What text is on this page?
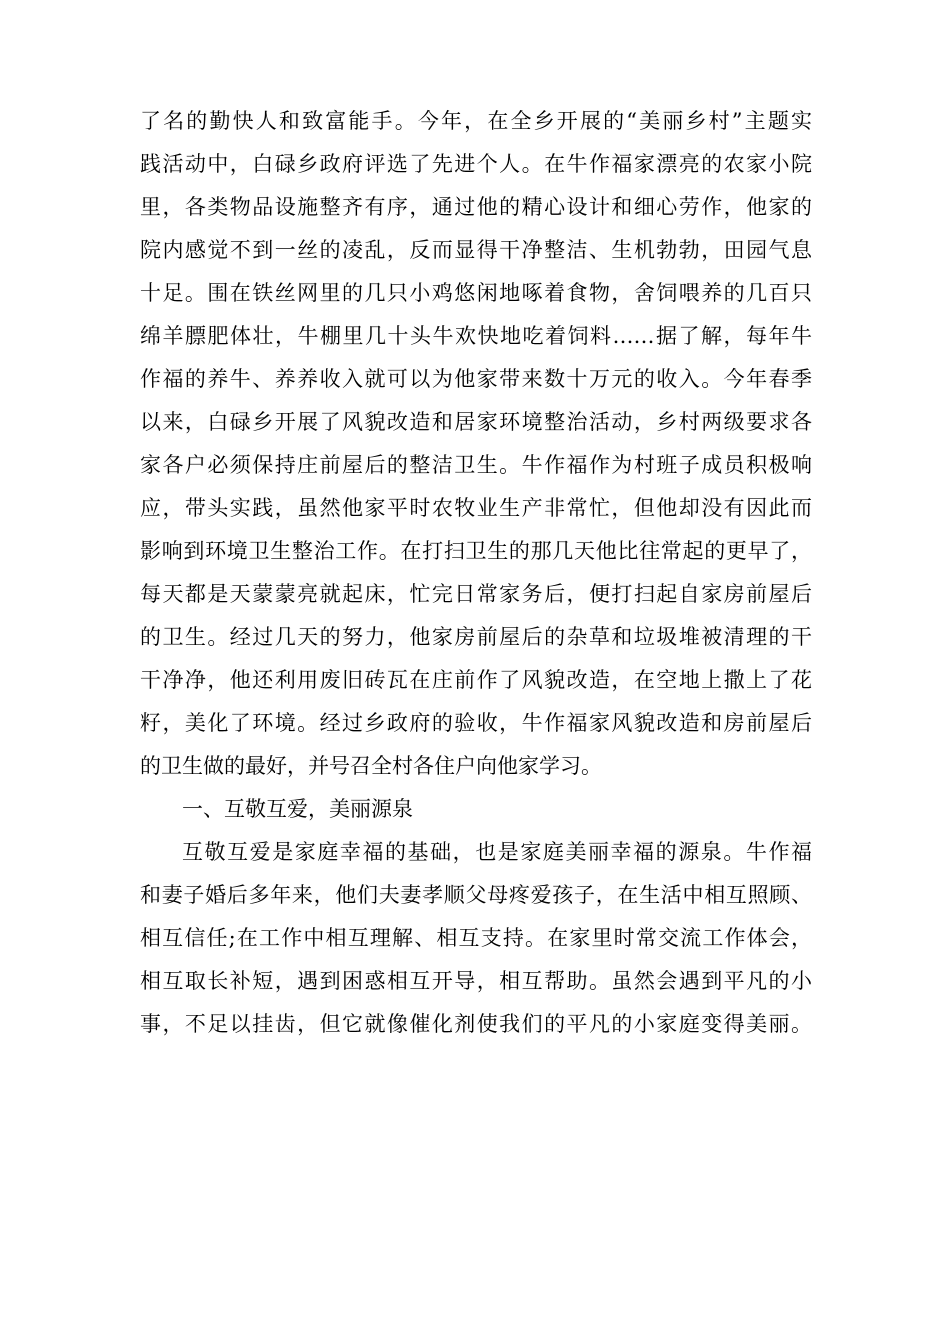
了名的勤快人和致富能手。今年，在全乡开展的“美丽乡村”主题实
践活动中，白碌乡政府评选了先进个人。在牛作福家漂亮的农家小院
里，各类物品设施整齐有序，通过他的精心设计和细心劳作，他家的
院内感觉不到一丝的凌乱，反而显得干净整洁、生机勃勃，田园气息
十足。围在铁丝网里的几只小鸡悠闲地啄着食物，舍饲喂养的几百只
绵羊膘肥体壮，牛棚里几十头牛欢快地吃着饲料……据了解，每年牛
作福的养牛、养养收入就可以为他家带来数十万元的收入。今年春季
以来，白碌乡开展了风貌改造和居家环境整治活动，乡村两级要求各
家各户必须保持庄前屋后的整洁卫生。牛作福作为村班子成员积极响
应，带头实践，虽然他家平时农牧业生产非常忙，但他却没有因此而
影响到环境卫生整治工作。在打扫卫生的那几天他比往常起的更早了，
每天都是天蒙蒙亮就起床，忙完日常家务后，便打扫起自家房前屋后
的卫生。经过几天的努力，他家房前屋后的杂草和垃圾堆被清理的干
干净净，他还利用废旧砖瓦在庄前作了风貌改造，在空地上撒上了花
籽，美化了环境。经过乡政府的验收，牛作福家风貌改造和房前屋后
的卫生做的最好，并号召全村各住户向他家学习。
一、互敬互爱，美丽源泉
互敬互爱是家庭幸福的基础，也是家庭美丽幸福的源泉。牛作福
和妻子婚后多年来，他们夫妻孝顺父母疼爱孩子，在生活中相互照顾、
相互信任;在工作中相互理解、相互支持。在家里时常交流工作体会，
相互取长补短，遇到困惑相互开导，相互帮助。虽然会遇到平凡的小
事，不足以挂齿，但它就像催化剂使我们的平凡的小家庭变得美丽。
